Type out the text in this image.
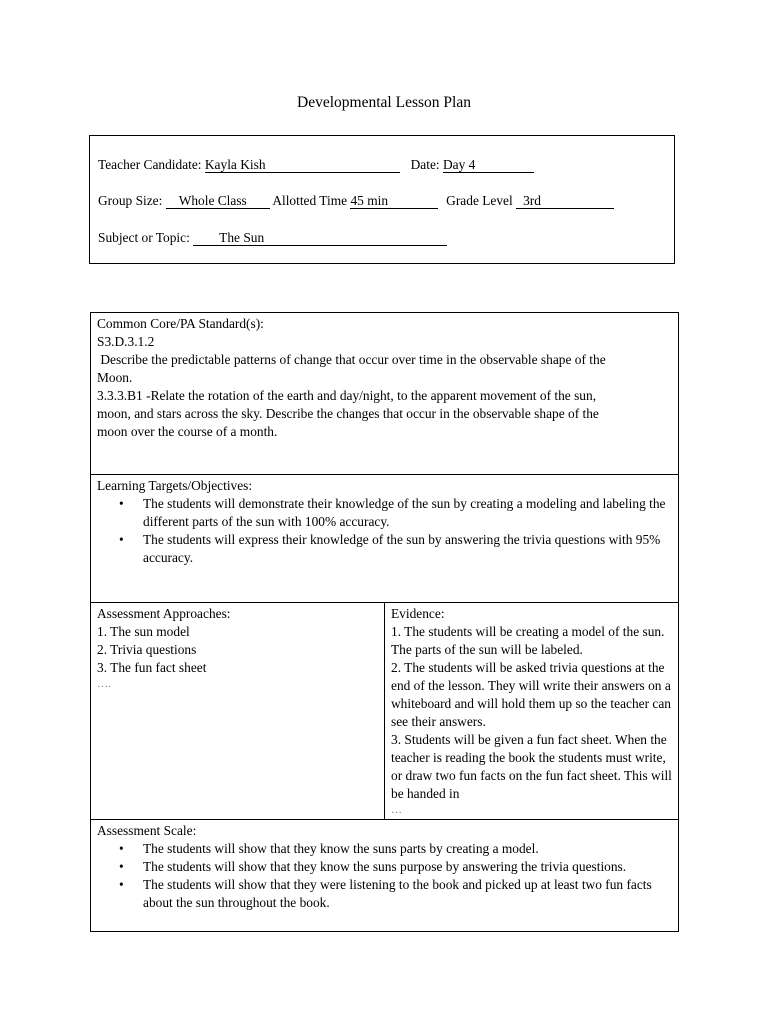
Developmental Lesson Plan
Teacher Candidate: Kayla Kish	Date: Day 4
Group Size: Whole Class Allotted Time 45 min	Grade Level 3rd
Subject or Topic: The Sun
Common Core/PA Standard(s):
S3.D.3.1.2
Describe the predictable patterns of change that occur over time in the observable shape of the
Moon.
3.3.3.B1 -Relate the rotation of the earth and day/night, to the apparent movement of the sun,
moon, and stars across the sky. Describe the changes that occur in the observable shape of the
moon over the course of a month.

Learning Targets/Objectives:
• The students will demonstrate their knowledge of the sun by creating a modeling and labeling the different parts of the sun with 100% accuracy.
• The students will express their knowledge of the sun by answering the trivia questions with 95% accuracy.

Assessment Approaches:
1. The sun model
2. Trivia questions
3. The fun fact sheet
….

Evidence:
1. The students will be creating a model of the sun. The parts of the sun will be labeled.
2. The students will be asked trivia questions at the end of the lesson. They will write their answers on a whiteboard and will hold them up so the teacher can see their answers.
3. Students will be given a fun fact sheet. When the teacher is reading the book the students must write, or draw two fun facts on the fun fact sheet. This will be handed in
…

Assessment Scale:
• The students will show that they know the suns parts by creating a model.
• The students will show that they know the suns purpose by answering the trivia questions.
• The students will show that they were listening to the book and picked up at least two fun facts about the sun throughout the book.
